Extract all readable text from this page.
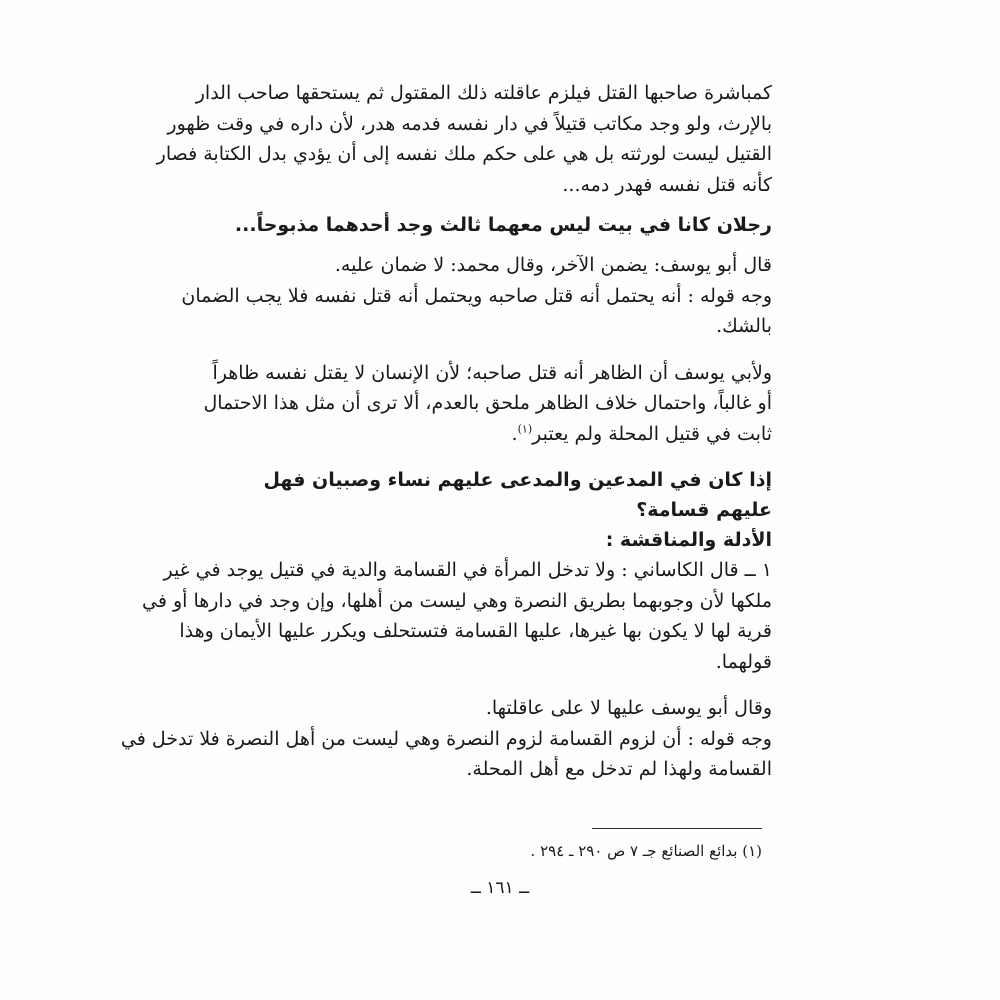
كمباشرة صاحبها القتل فيلزم عاقلته ذلك المقتول ثم يستحقها صاحب الدار
بالإرث، ولو وجد مكاتب قتيلاً في دار نفسه فدمه هدر، لأن داره في وقت ظهور
القتيل ليست لورثته بل هي على حكم ملك نفسه إلى أن يؤدي بدل الكتابة فصار
كأنه قتل نفسه فهدر دمه...

رجلان كانا في بيت ليس معهما ثالث وجد أحدهما مذبوحاً...

قال أبو يوسف: يضمن الآخر، وقال محمد: لا ضمان عليه.
وجه قوله : أنه يحتمل أنه قتل صاحبه ويحتمل أنه قتل نفسه فلا يجب الضمان
بالشك.

ولأبي يوسف أن الظاهر أنه قتل صاحبه؛ لأن الإنسان لا يقتل نفسه ظاهراً
أو غالباً، واحتمال خلاف الظاهر ملحق بالعدم، ألا ترى أن مثل هذا الاحتمال
ثابت في قتيل المحلة ولم يعتبر$^{(١)}$.

إذا كان في المدعين والمدعى عليهم نساء وصبيان فهل عليهم قسامة؟

الأدلة والمناقشة :

١ ــ قال الكاساني : ولا تدخل المرأة في القسامة والدية في قتيل يوجد في غير
ملكها لأن وجوبهما بطريق النصرة وهي ليست من أهلها، وإن وجد في دارها أو في
قرية لها لا يكون بها غيرها، عليها القسامة فتستحلف ويكرر عليها الأيمان وهذا
قولهما.

وقال أبو يوسف عليها لا على عاقلتها.
وجه قوله : أن لزوم القسامة لزوم النصرة وهي ليست من أهل النصرة فلا تدخل في
القسامة ولهذا لم تدخل مع أهل المحلة.

(١) بدائع الصنائع جـ ٧ ص ٢٩٠ ـ ٢٩٤ .
ــ ١٦١ ــ
